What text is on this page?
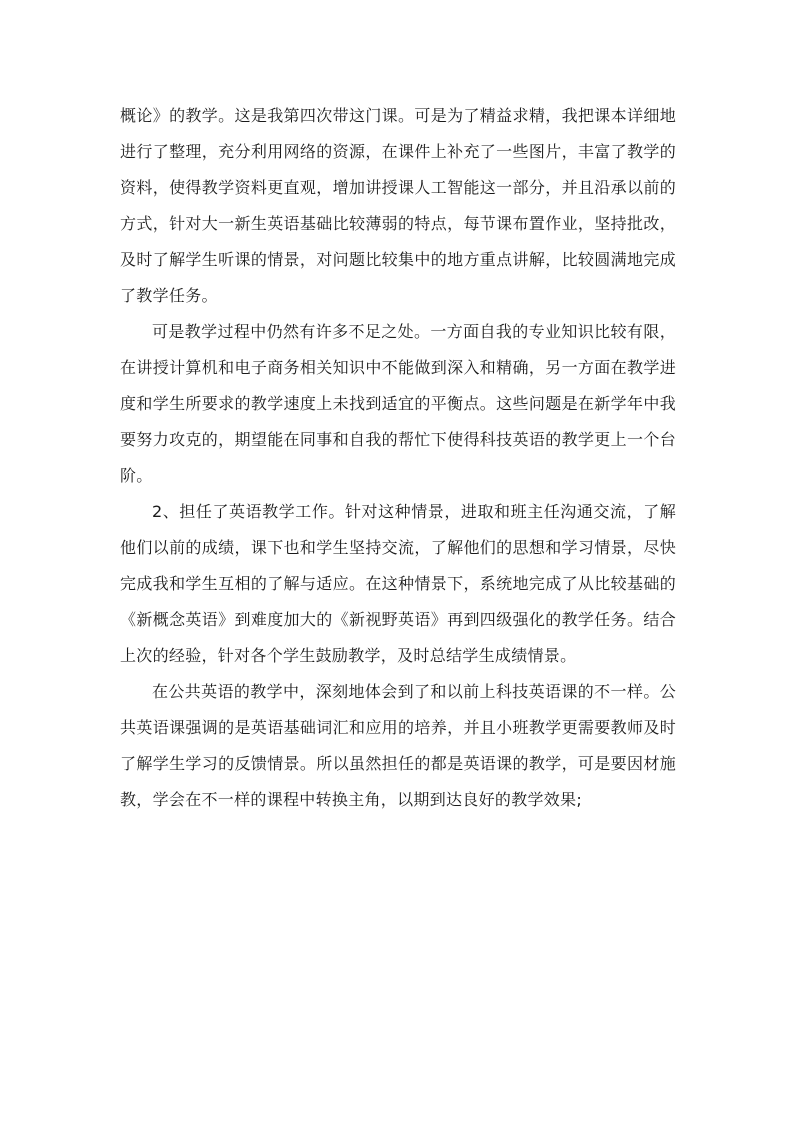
概论》的教学。这是我第四次带这门课。可是为了精益求精，我把课本详细地进行了整理，充分利用网络的资源，在课件上补充了一些图片，丰富了教学的资料，使得教学资料更直观，增加讲授课人工智能这一部分，并且沿承以前的方式，针对大一新生英语基础比较薄弱的特点，每节课布置作业，坚持批改，及时了解学生听课的情景，对问题比较集中的地方重点讲解，比较圆满地完成了教学任务。

可是教学过程中仍然有许多不足之处。一方面自我的专业知识比较有限，在讲授计算机和电子商务相关知识中不能做到深入和精确，另一方面在教学进度和学生所要求的教学速度上未找到适宜的平衡点。这些问题是在新学年中我要努力攻克的，期望能在同事和自我的帮忙下使得科技英语的教学更上一个台阶。

2、担任了英语教学工作。针对这种情景，进取和班主任沟通交流，了解他们以前的成绩，课下也和学生坚持交流，了解他们的思想和学习情景，尽快完成我和学生互相的了解与适应。在这种情景下，系统地完成了从比较基础的《新概念英语》到难度加大的《新视野英语》再到四级强化的教学任务。结合上次的经验，针对各个学生鼓励教学，及时总结学生成绩情景。

在公共英语的教学中，深刻地体会到了和以前上科技英语课的不一样。公共英语课强调的是英语基础词汇和应用的培养，并且小班教学更需要教师及时了解学生学习的反馈情景。所以虽然担任的都是英语课的教学，可是要因材施教，学会在不一样的课程中转换主角，以期到达良好的教学效果;
